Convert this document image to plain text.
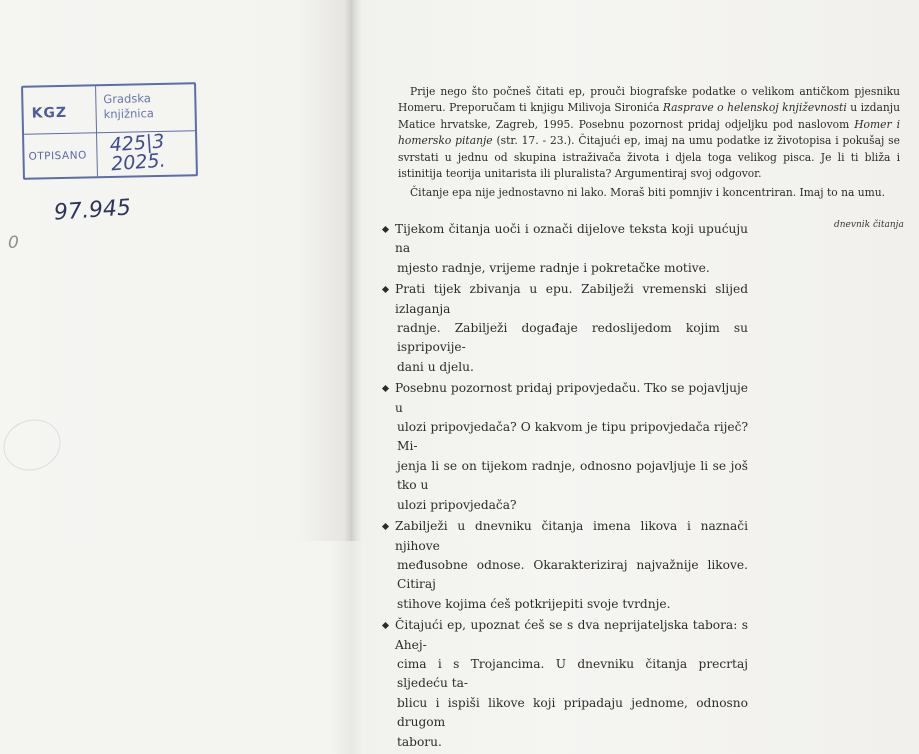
KGZ
Gradska
knjižnica
OTPISANO 425|3
2025.
97.945
0

Prije nego što počneš čitati ep, prouči biografske podatke o velikom antičkom pjesniku Homeru. Preporučam ti knjigu Milivoja Sironića Rasprave o helenskoj književnosti u izdanju Matice hrvatske, Zagreb, 1995. Posebnu pozornost pridaj odjeljku pod naslovom Homer i homersko pitanje (str. 17. - 23.). Čitajući ep, imaj na umu podatke iz životopisa i pokušaj se svrstati u jednu od skupina istraživača života i djela toga velikog pisca. Je li ti bliža i istinitija teorija unitarista ili pluralista? Argumentiraj svoj odgovor.

Čitanje epa nije jednostavno ni lako. Moraš biti pomnjiv i koncentriran. Imaj to na umu.

dnevnik čitanja
Tijekom čitanja uoči i označi dijelove teksta koji upućuju na
mjesto radnje, vrijeme radnje i pokretačke motive.
Prati tijek zbivanja u epu. Zabilježi vremenski slijed izlaganja
radnje. Zabilježi događaje redoslijedom kojim su ispripovije-
dani u djelu.
Posebnu pozornost pridaj pripovjedaču. Tko se pojavljuje u
ulozi pripovjedača? O kakvom je tipu pripovjedača riječ? Mi-
jenja li se on tijekom radnje, odnosno pojavljuje li se još tko u
ulozi pripovjedača?
Zabilježi u dnevniku čitanja imena likova i naznači njihove
međusobne odnose. Okarakteriziraj najvažnije likove. Citiraj
stihove kojima ćeš potkrijepiti svoje tvrdnje.
Čitajući ep, upoznat ćeš se s dva neprijateljska tabora: s Ahej-
cima i s Trojancima. U dnevniku čitanja precrtaj sljedeću ta-
blicu i ispiši likove koji pripadaju jednome, odnosno drugom
taboru.
